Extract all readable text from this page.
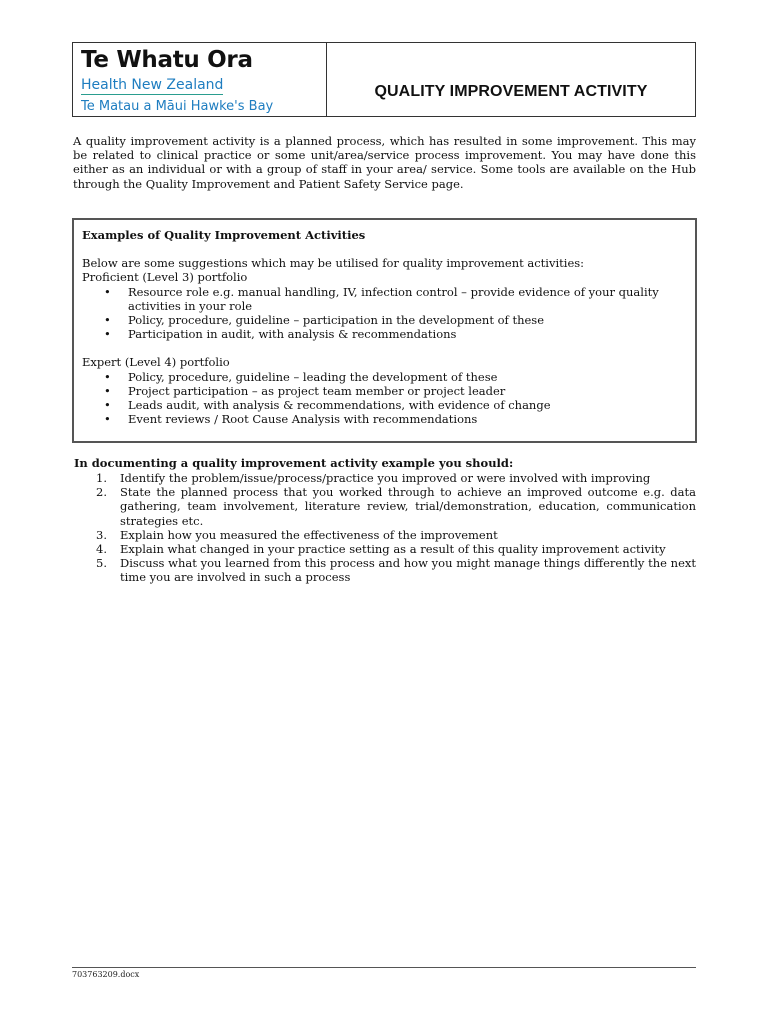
Te Whatu Ora
Health New Zealand
Te Matau a Māui Hawke's Bay
QUALITY IMPROVEMENT ACTIVITY

A quality improvement activity is a planned process, which has resulted in some improvement. This may be related to clinical practice or some unit/area/service process improvement. You may have done this either as an individual or with a group of staff in your area/ service. Some tools are available on the Hub through the Quality Improvement and Patient Safety Service page.

Examples of Quality Improvement Activities

Below are some suggestions which may be utilised for quality improvement activities:

Proficient (Level 3) portfolio

• Resource role e.g. manual handling, IV, infection control – provide evidence of your quality activities in your role
• Policy, procedure, guideline – participation in the development of these
• Participation in audit, with analysis & recommendations

Expert (Level 4) portfolio

• Policy, procedure, guideline – leading the development of these
• Project participation – as project team member or project leader
• Leads audit, with analysis & recommendations, with evidence of change
• Event reviews / Root Cause Analysis with recommendations

In documenting a quality improvement activity example you should:

1. Identify the problem/issue/process/practice you improved or were involved with improving
2. State the planned process that you worked through to achieve an improved outcome e.g. data gathering, team involvement, literature review, trial/demonstration, education, communication strategies etc.
3. Explain how you measured the effectiveness of the improvement
4. Explain what changed in your practice setting as a result of this quality improvement activity
5. Discuss what you learned from this process and how you might manage things differently the next time you are involved in such a process
703763209.docx
